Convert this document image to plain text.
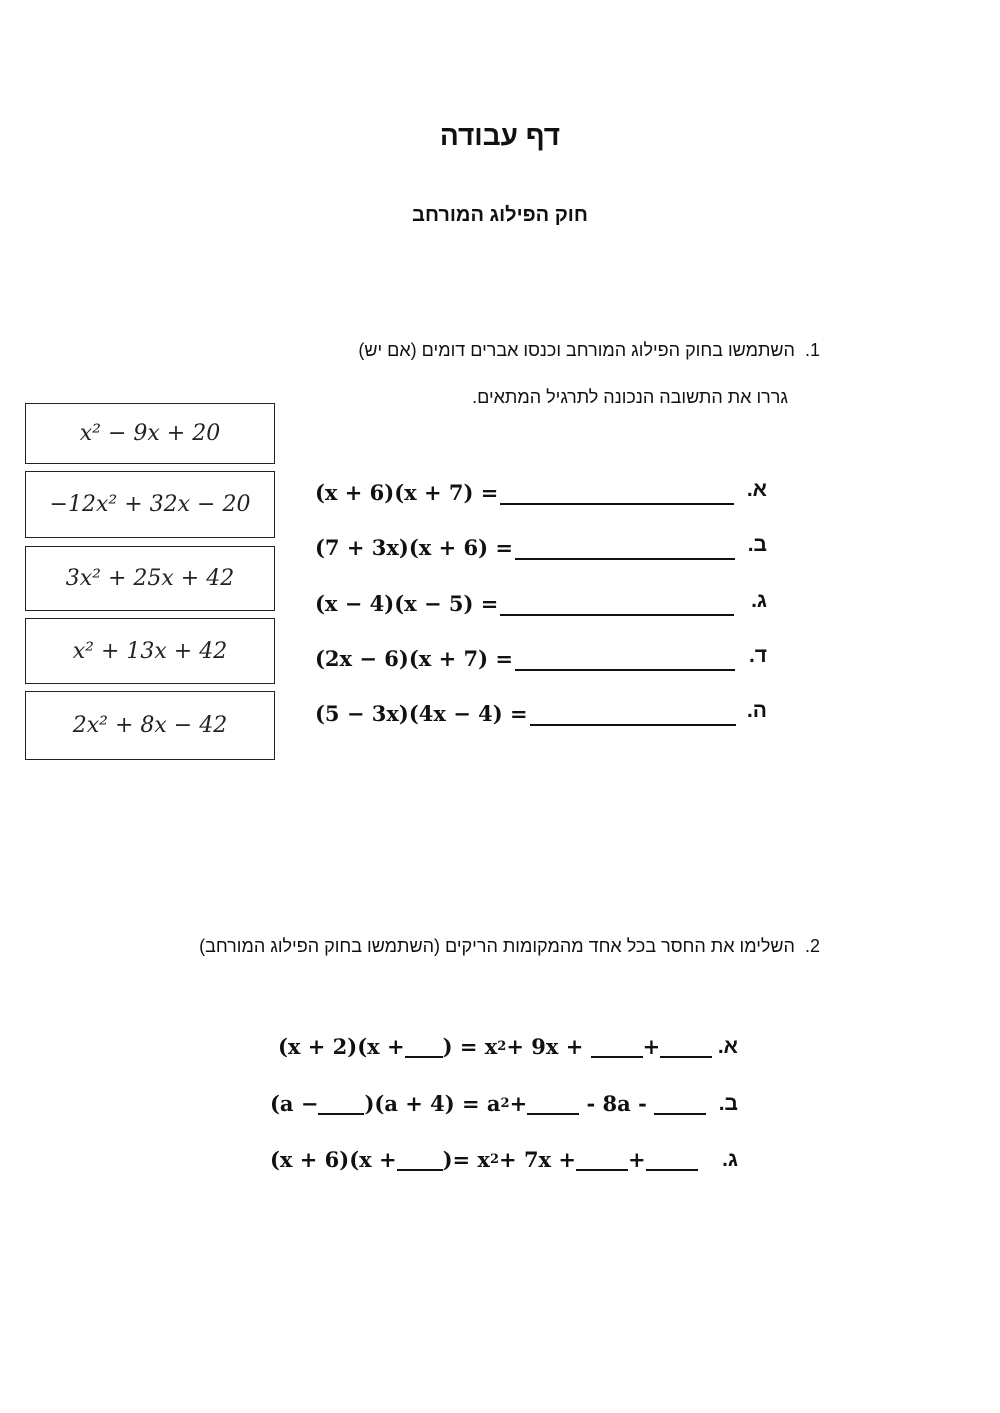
דף עבודה
חוק הפילוג המורחב
1.השתמשו בחוק הפילוג המורחב וכנסו אברים דומים (אם יש)
גררו את התשובה הנכונה לתרגיל המתאים.
x² − 9x + 20
−12x² + 32x − 20
3x² + 25x + 42
x² + 13x + 42
2x² + 8x − 42
(x + 6)(x + 7) =	א.
(7 + 3x)(x + 6) =	ב.
(x − 4)(x − 5) =	ג.
(2x − 6)(x + 7) =	ד.
(5 − 3x)(4x − 4) =	ה.
2.השלימו את החסר בכל אחד מהמקומות הריקים (השתמשו בחוק הפילוג המורחב)
(x + 2)(x + ) = x 2 + 9x +
	+	א.
(a − )(a + 4) = a 2 +
	- 8a -
	ב.
(x + 6)(x + )= x 2 + 7x + +	ג.
